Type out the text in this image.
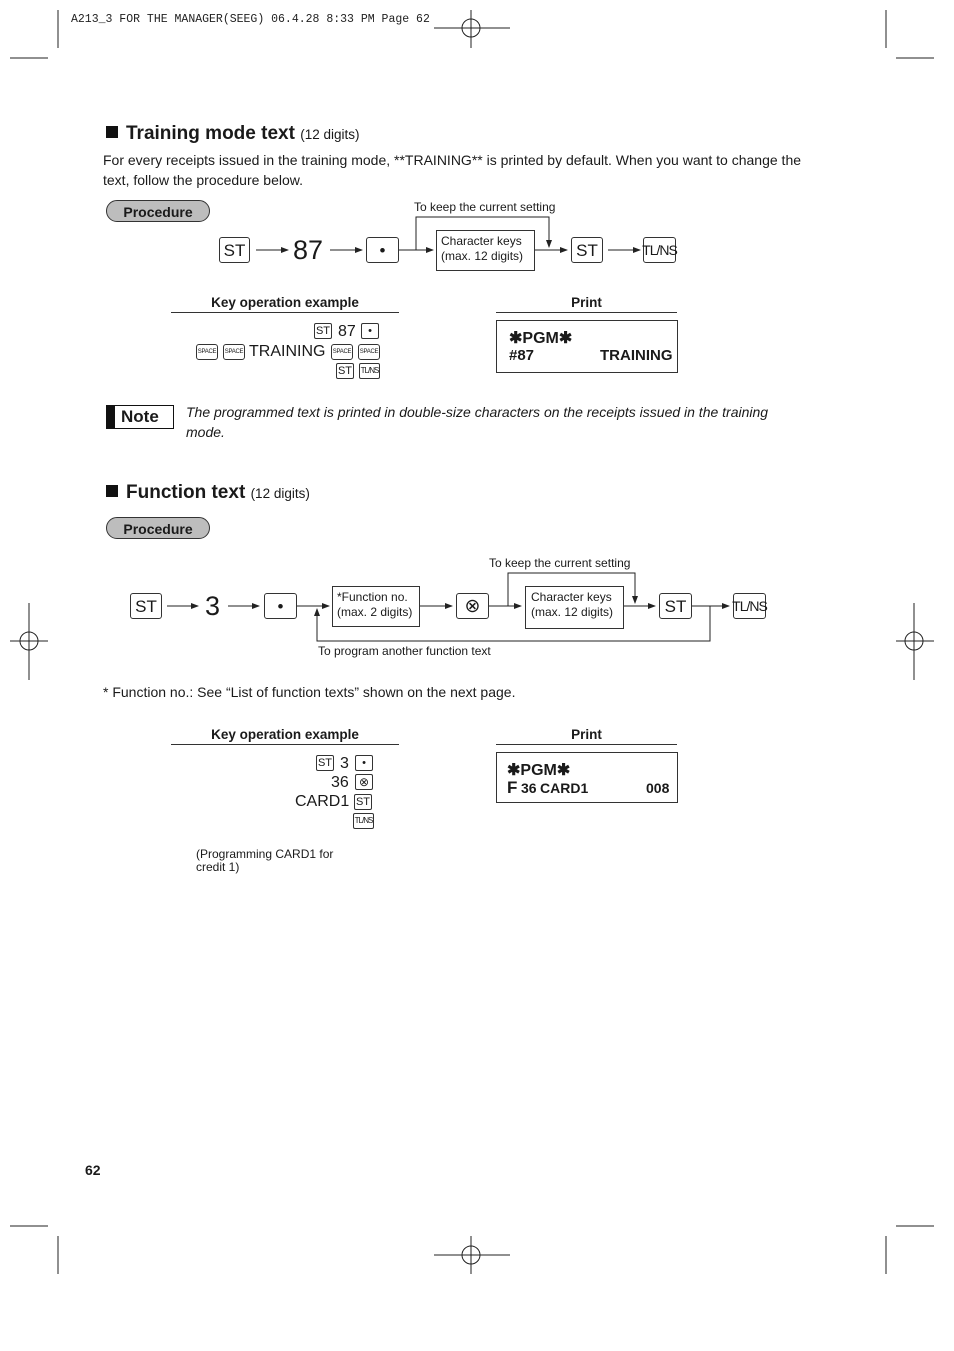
A213_3 FOR THE MANAGER(SEEG) 06.4.28 8:33 PM Page 62
Training mode text (12 digits)
For every receipts issued in the training mode, **TRAINING** is printed by default. When you want to change the text, follow the procedure below.
Procedure
ST 87	•	Character keys
(max. 12 digits)	ST	TL/NS
To keep the current setting
Key operation example	Print
ST 87	•
SPACE SPACE TRAINING SPACE SPACE
ST TL/NS
✱PGM✱
#87	TRAINING
Note The programmed text is printed in double-size characters on the receipts issued in the training mode.
Function text (12 digits)
Procedure
ST 3	•	*Function no.
(max. 2 digits)	⊗	Character keys
(max. 12 digits)	ST	TL/NS
To keep the current setting
To program another function text
* Function no.: See “List of function texts” shown on the next page.
Key operation example	Print
ST 3	•
36 ⊗
CARD1 ST
TL/NS
✱PGM✱
F 36 CARD1	008
(Programming CARD1 for
credit 1)
62
